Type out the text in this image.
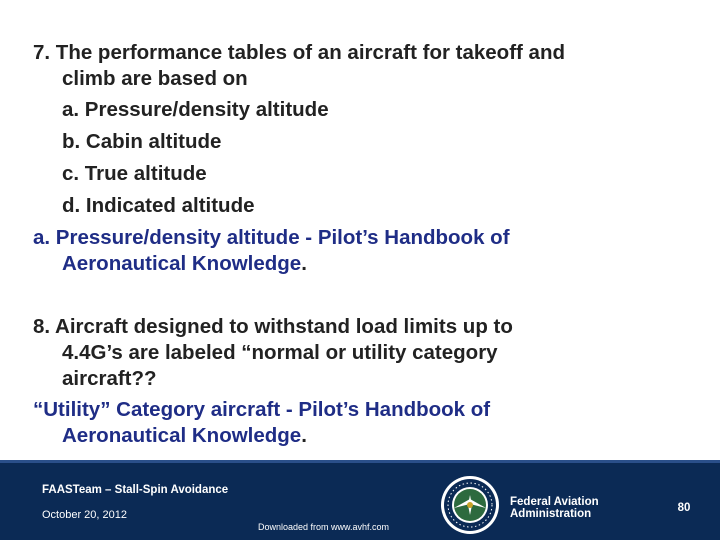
7. The performance tables of an aircraft for takeoff and
climb are based on
a. Pressure/density altitude
b. Cabin altitude
c. True altitude
d. Indicated altitude
a. Pressure/density altitude - Pilot’s Handbook of
Aeronautical Knowledge.
8. Aircraft designed to withstand load limits up to
4.4G’s are labeled “normal or utility category
aircraft??
“Utility” Category aircraft - Pilot’s Handbook of
Aeronautical Knowledge.
FAASTeam – Stall-Spin Avoidance
October 20, 2012
Downloaded from www.avhf.com
Federal Aviation
Administration	80
